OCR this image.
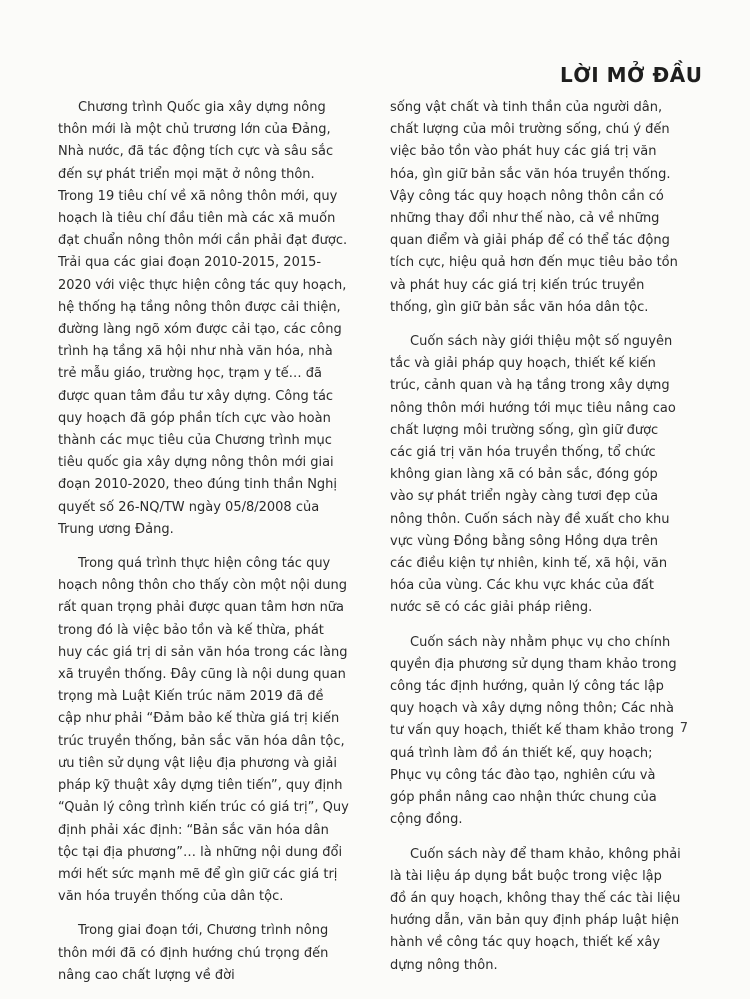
LỜI MỞ ĐẦU

Chương trình Quốc gia xây dựng nông thôn mới là một chủ trương lớn của Đảng, Nhà nước, đã tác động tích cực và sâu sắc đến sự phát triển mọi mặt ở nông thôn. Trong 19 tiêu chí về xã nông thôn mới, quy hoạch là tiêu chí đầu tiên mà các xã muốn đạt chuẩn nông thôn mới cần phải đạt được. Trải qua các giai đoạn 2010-2015, 2015-2020 với việc thực hiện công tác quy hoạch, hệ thống hạ tầng nông thôn được cải thiện, đường làng ngõ xóm được cải tạo, các công trình hạ tầng xã hội như nhà văn hóa, nhà trẻ mẫu giáo, trường học, trạm y tế… đã được quan tâm đầu tư xây dựng. Công tác quy hoạch đã góp phần tích cực vào hoàn thành các mục tiêu của Chương trình mục tiêu quốc gia xây dựng nông thôn mới giai đoạn 2010-2020, theo đúng tinh thần Nghị quyết số 26-NQ/TW ngày 05/8/2008 của Trung ương Đảng.

Trong quá trình thực hiện công tác quy hoạch nông thôn cho thấy còn một nội dung rất quan trọng phải được quan tâm hơn nữa trong đó là việc bảo tồn và kế thừa, phát huy các giá trị di sản văn hóa trong các làng xã truyền thống. Đây cũng là nội dung quan trọng mà Luật Kiến trúc năm 2019 đã đề cập như phải “Đảm bảo kế thừa giá trị kiến trúc truyền thống, bản sắc văn hóa dân tộc, ưu tiên sử dụng vật liệu địa phương và giải pháp kỹ thuật xây dựng tiên tiến”, quy định “Quản lý công trình kiến trúc có giá trị”, Quy định phải xác định: “Bản sắc văn hóa dân tộc tại địa phương”… là những nội dung đổi mới hết sức mạnh mẽ để gìn giữ các giá trị văn hóa truyền thống của dân tộc.

Trong giai đoạn tới, Chương trình nông thôn mới đã có định hướng chú trọng đến nâng cao chất lượng về đời

sống vật chất và tinh thần của người dân, chất lượng của môi trường sống, chú ý đến việc bảo tồn vào phát huy các giá trị văn hóa, gìn giữ bản sắc văn hóa truyền thống. Vậy công tác quy hoạch nông thôn cần có những thay đổi như thế nào, cả về những quan điểm và giải pháp để có thể tác động tích cực, hiệu quả hơn đến mục tiêu bảo tồn và phát huy các giá trị kiến trúc truyền thống, gìn giữ bản sắc văn hóa dân tộc.

Cuốn sách này giới thiệu một số nguyên tắc và giải pháp quy hoạch, thiết kế kiến trúc, cảnh quan và hạ tầng trong xây dựng nông thôn mới hướng tới mục tiêu nâng cao chất lượng môi trường sống, gìn giữ được các giá trị văn hóa truyền thống, tổ chức không gian làng xã có bản sắc, đóng góp vào sự phát triển ngày càng tươi đẹp của nông thôn. Cuốn sách này đề xuất cho khu vực vùng Đồng bằng sông Hồng dựa trên các điều kiện tự nhiên, kinh tế, xã hội, văn hóa của vùng. Các khu vực khác của đất nước sẽ có các giải pháp riêng.

Cuốn sách này nhằm phục vụ cho chính quyền địa phương sử dụng tham khảo trong công tác định hướng, quản lý công tác lập quy hoạch và xây dựng nông thôn; Các nhà tư vấn quy hoạch, thiết kế tham khảo trong quá trình làm đồ án thiết kế, quy hoạch; Phục vụ công tác đào tạo, nghiên cứu và góp phần nâng cao nhận thức chung của cộng đồng.

Cuốn sách này để tham khảo, không phải là tài liệu áp dụng bắt buộc trong việc lập đồ án quy hoạch, không thay thế các tài liệu hướng dẫn, văn bản quy định pháp luật hiện hành về công tác quy hoạch, thiết kế xây dựng nông thôn.

7
